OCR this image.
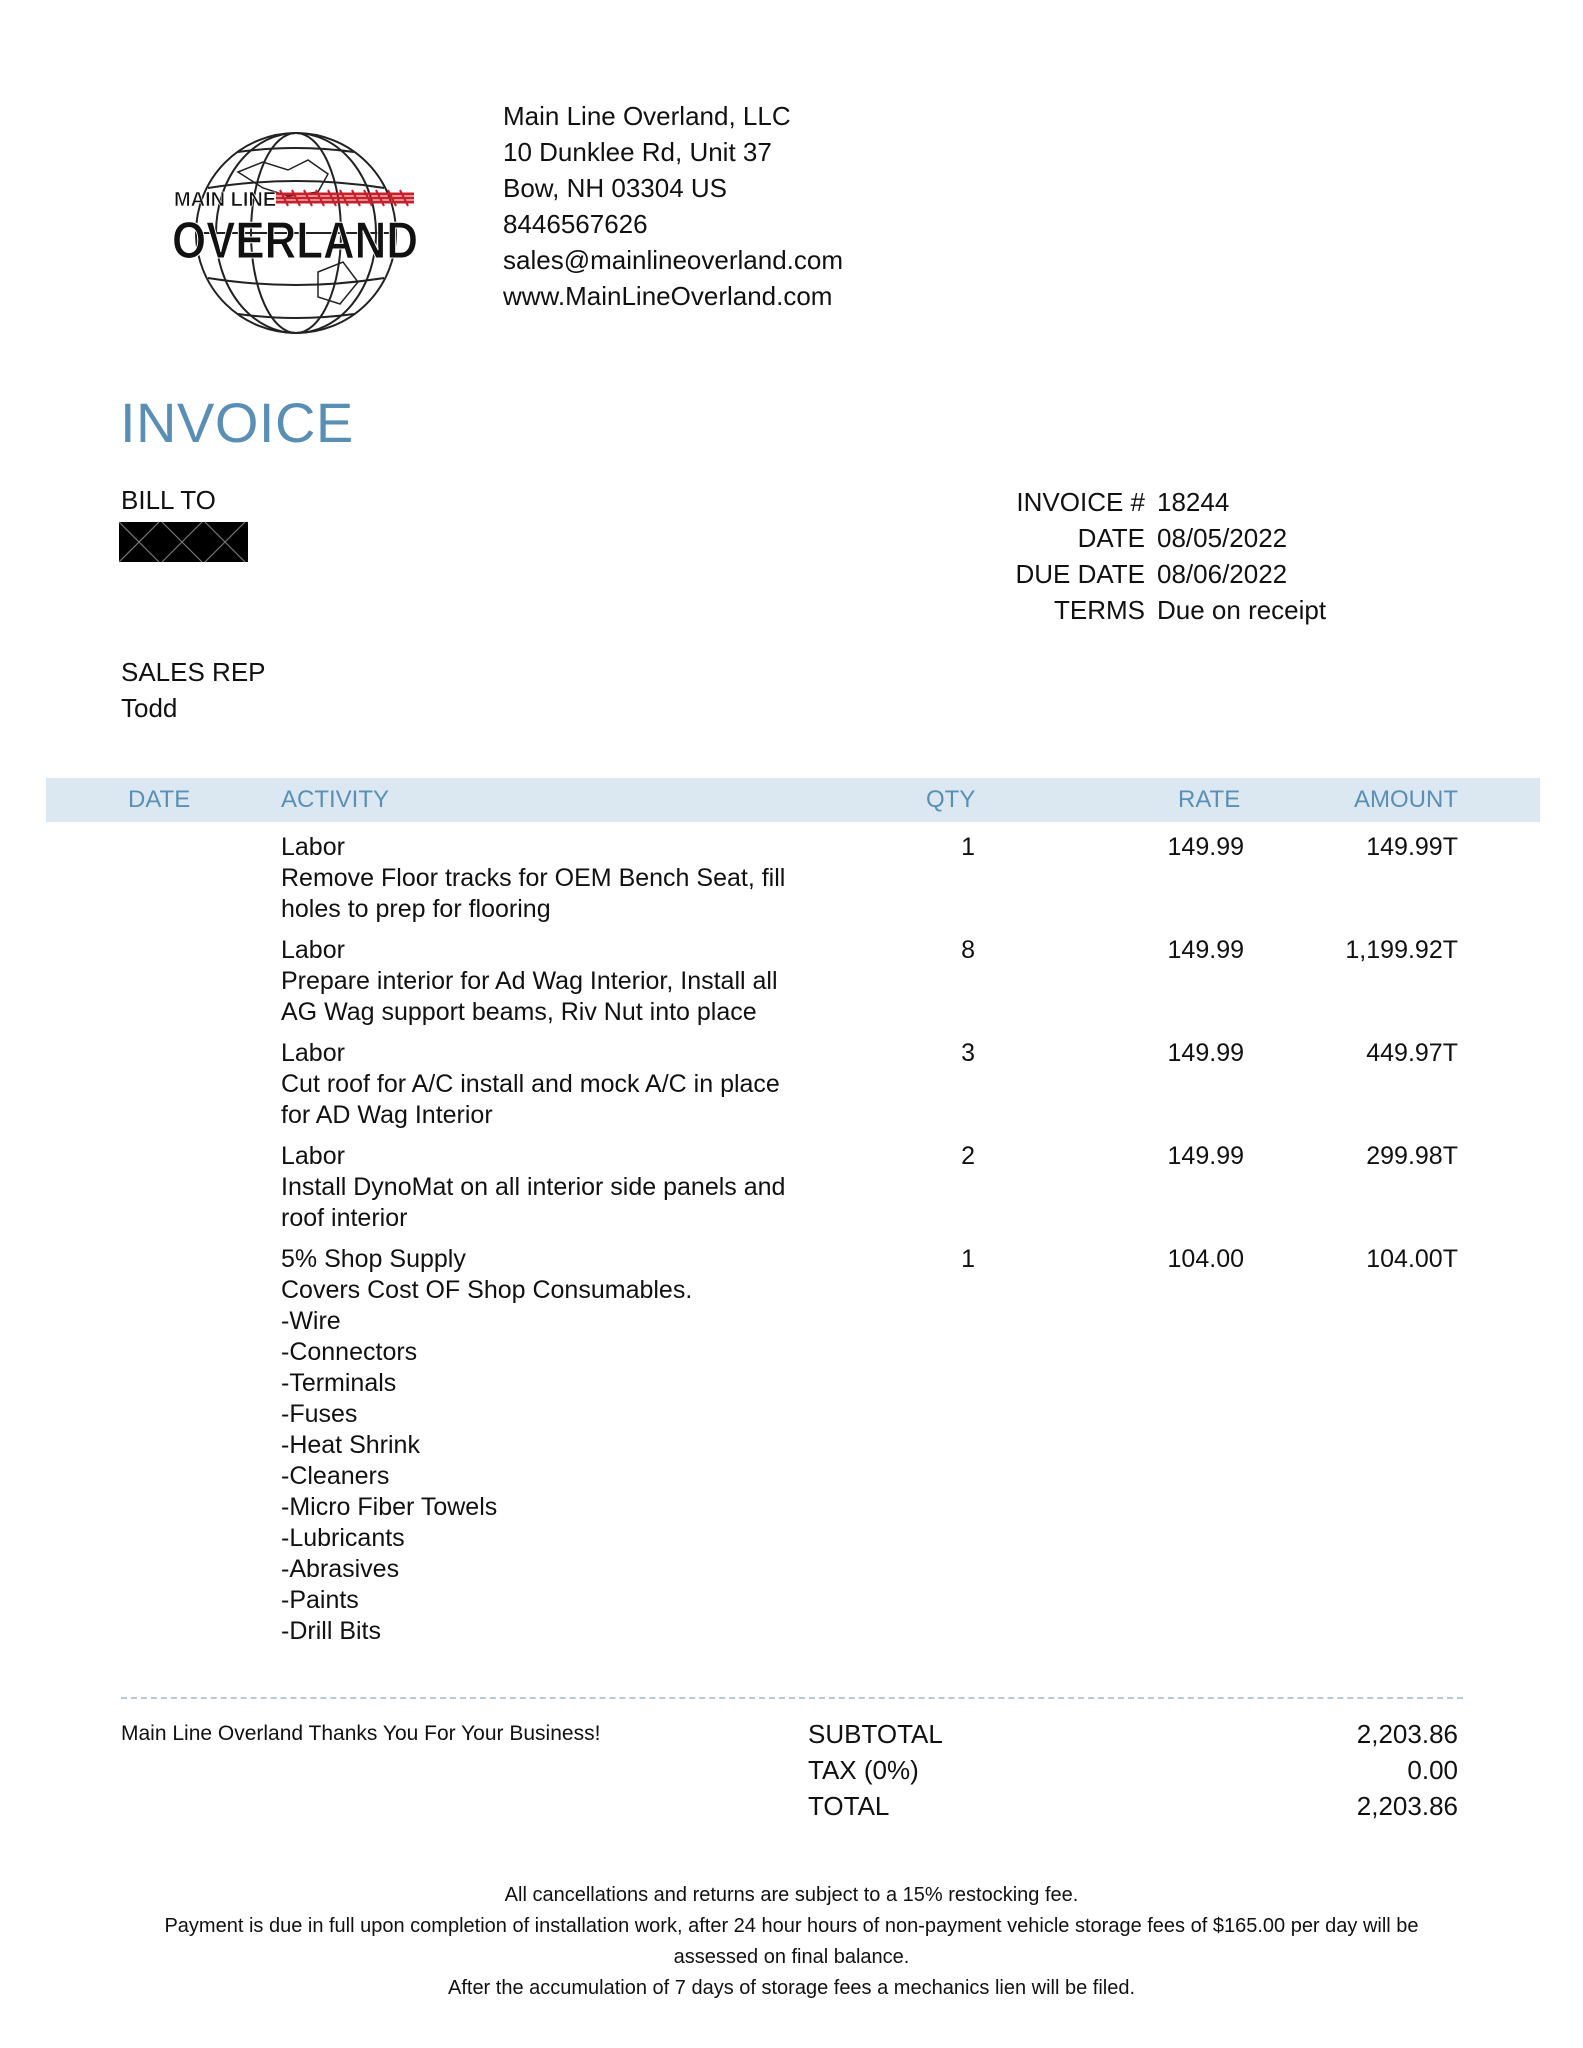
MAIN LINE
OVERLAND
Main Line Overland, LLC
10 Dunklee Rd, Unit 37
Bow, NH 03304 US
8446567626
sales@mainlineoverland.com
www.MainLineOverland.com
INVOICE
BILL TO	INVOICE # 18244
DATE 08/05/2022
DUE DATE 08/06/2022
TERMS Due on receipt
SALES REP
Todd
DATE	ACTIVITY	QTY	RATE	AMOUNT
Labor
Remove Floor tracks for OEM Bench Seat, fill
holes to prep for flooring
1	149.99	149.99T
Labor
Prepare interior for Ad Wag Interior, Install all
AG Wag support beams, Riv Nut into place
8	149.99	1,199.92T
Labor
Cut roof for A/C install and mock A/C in place
for AD Wag Interior
3	149.99	449.97T
Labor
Install DynoMat on all interior side panels and
roof interior
2	149.99	299.98T
5% Shop Supply
Covers Cost OF Shop Consumables.
-Wire
-Connectors
-Terminals
-Fuses
-Heat Shrink
-Cleaners
-Micro Fiber Towels
-Lubricants
-Abrasives
-Paints
-Drill Bits
1	104.00	104.00T
Main Line Overland Thanks You For Your Business!	SUBTOTAL	2,203.86
TAX (0%)	0.00
TOTAL	2,203.86
All cancellations and returns are subject to a 15% restocking fee.
Payment is due in full upon completion of installation work, after 24 hour hours of non-payment vehicle storage fees of $165.00 per day will be
assessed on final balance.
After the accumulation of 7 days of storage fees a mechanics lien will be filed.
